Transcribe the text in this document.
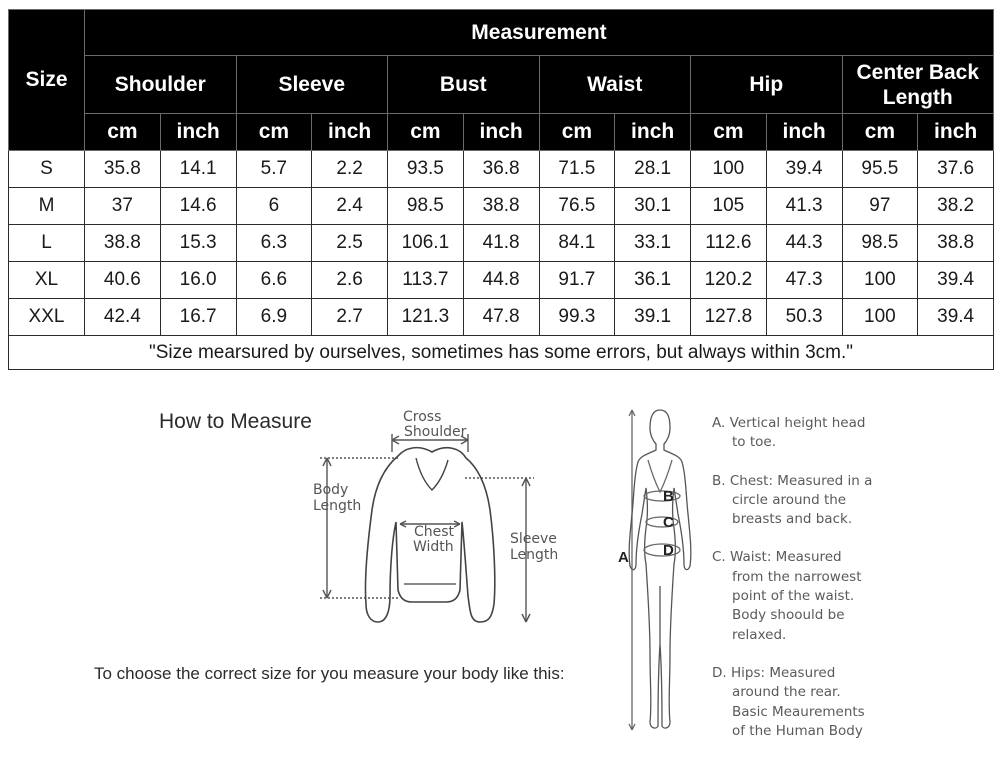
Size	Measurement											
	Shoulder		Sleeve		Bust		Waist		Hip		Center Back
Length	
	cm	inch	cm	inch	cm	inch	cm	inch	cm	inch	cm	inch
S	35.8	14.1	5.7	2.2	93.5	36.8	71.5	28.1	100	39.4	95.5	37.6
M	37	14.6	6	2.4	98.5	38.8	76.5	30.1	105	41.3	97	38.2
L	38.8	15.3	6.3	2.5	106.1	41.8	84.1	33.1	112.6	44.3	98.5	38.8
XL	40.6	16.0	6.6	2.6	113.7	44.8	91.7	36.1	120.2	47.3	100	39.4
XXL	42.4	16.7	6.9	2.7	121.3	47.8	99.3	39.1	127.8	50.3	100	39.4
"Size mearsured by ourselves, sometimes has some errors, but always within 3cm."												
How to Measure
To choose the correct size for you measure your body like this:
Cross
Shoulder
Body
Length
Chest
Width	Sleeve
Length	A
B
C
D
A. Vertical height head
to toe.
B. Chest: Measured in a
circle around the
breasts and back.
C. Waist: Measured
from the narrowest
point of the waist.
Body shoould be
relaxed.
D. Hips: Measured
around the rear.
Basic Meaurements
of the Human Body
